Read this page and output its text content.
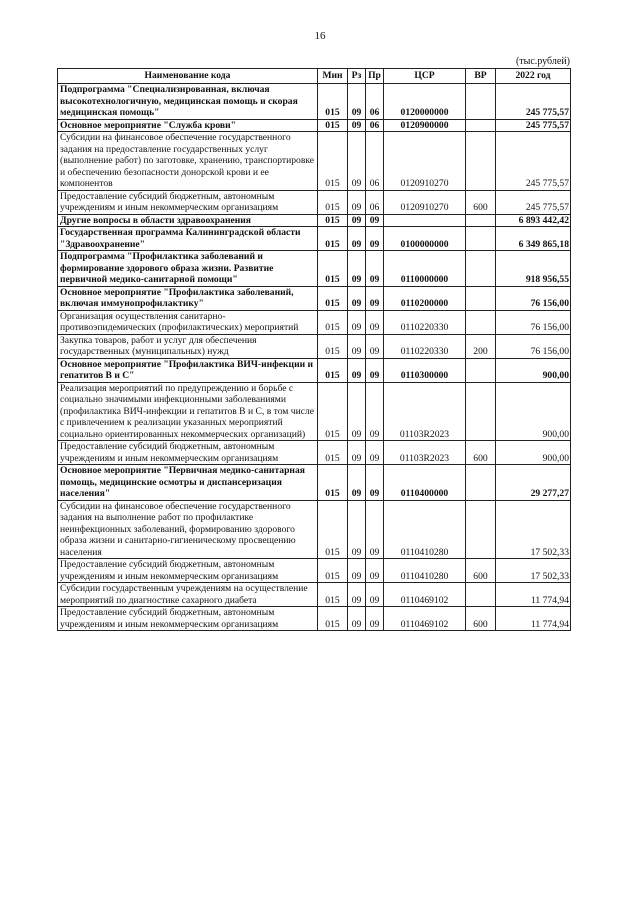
16
(тыс.рублей)
Наименование кода	Мин	Рз	Пр	ЦСР	ВР	2022 год
Подпрограмма "Специализированная, включая высокотехнологичную, медицинская помощь и скорая медицинская помощь"	015	09	06	0120000000		245 775,57
Основное мероприятие "Служба крови"	015	09	06	0120900000		245 775,57
Субсидии на финансовое обеспечение государственного задания на предоставление государственных услуг (выполнение работ) по заготовке, хранению, транспортировке и обеспечению безопасности донорской крови и ее компонентов	015	09	06	0120910270		245 775,57
Предоставление субсидий бюджетным, автономным учреждениям и иным некоммерческим организациям	015	09	06	0120910270	600	245 775,57
Другие вопросы в области здравоохранения	015	09	09			6 893 442,42
Государственная программа Калининградской области "Здравоохранение"	015	09	09	0100000000		6 349 865,18
Подпрограмма "Профилактика заболеваний и формирование здорового образа жизни. Развитие первичной медико-санитарной помощи"	015	09	09	0110000000		918 956,55
Основное мероприятие "Профилактика заболеваний, включая иммунопрофилактику"	015	09	09	0110200000		76 156,00
Организация осуществления санитарно-противоэпидемических (профилактических) мероприятий	015	09	09	0110220330		76 156,00
Закупка товаров, работ и услуг для обеспечения государственных (муниципальных) нужд	015	09	09	0110220330	200	76 156,00
Основное мероприятие "Профилактика ВИЧ-инфекции и гепатитов В и С"	015	09	09	0110300000		900,00
Реализация мероприятий по предупреждению и борьбе с социально значимыми инфекционными заболеваниями (профилактика ВИЧ-инфекции и гепатитов В и С, в том числе с привлечением к реализации указанных мероприятий социально ориентированных некоммерческих организаций)	015	09	09	01103R2023		900,00
Предоставление субсидий бюджетным, автономным учреждениям и иным некоммерческим организациям	015	09	09	01103R2023	600	900,00
Основное мероприятие "Первичная медико-санитарная помощь, медицинские осмотры и диспансеризация населения"	015	09	09	0110400000		29 277,27
Субсидии на финансовое обеспечение государственного задания на выполнение работ по профилактике неинфекционных заболеваний, формированию здорового образа жизни и санитарно-гигиеническому просвещению населения	015	09	09	0110410280		17 502,33
Предоставление субсидий бюджетным, автономным учреждениям и иным некоммерческим организациям	015	09	09	0110410280	600	17 502,33
Субсидии государственным учреждениям на осуществление мероприятий по диагностике сахарного диабета	015	09	09	0110469102		11 774,94
Предоставление субсидий бюджетным, автономным учреждениям и иным некоммерческим организациям	015	09	09	0110469102	600	11 774,94
